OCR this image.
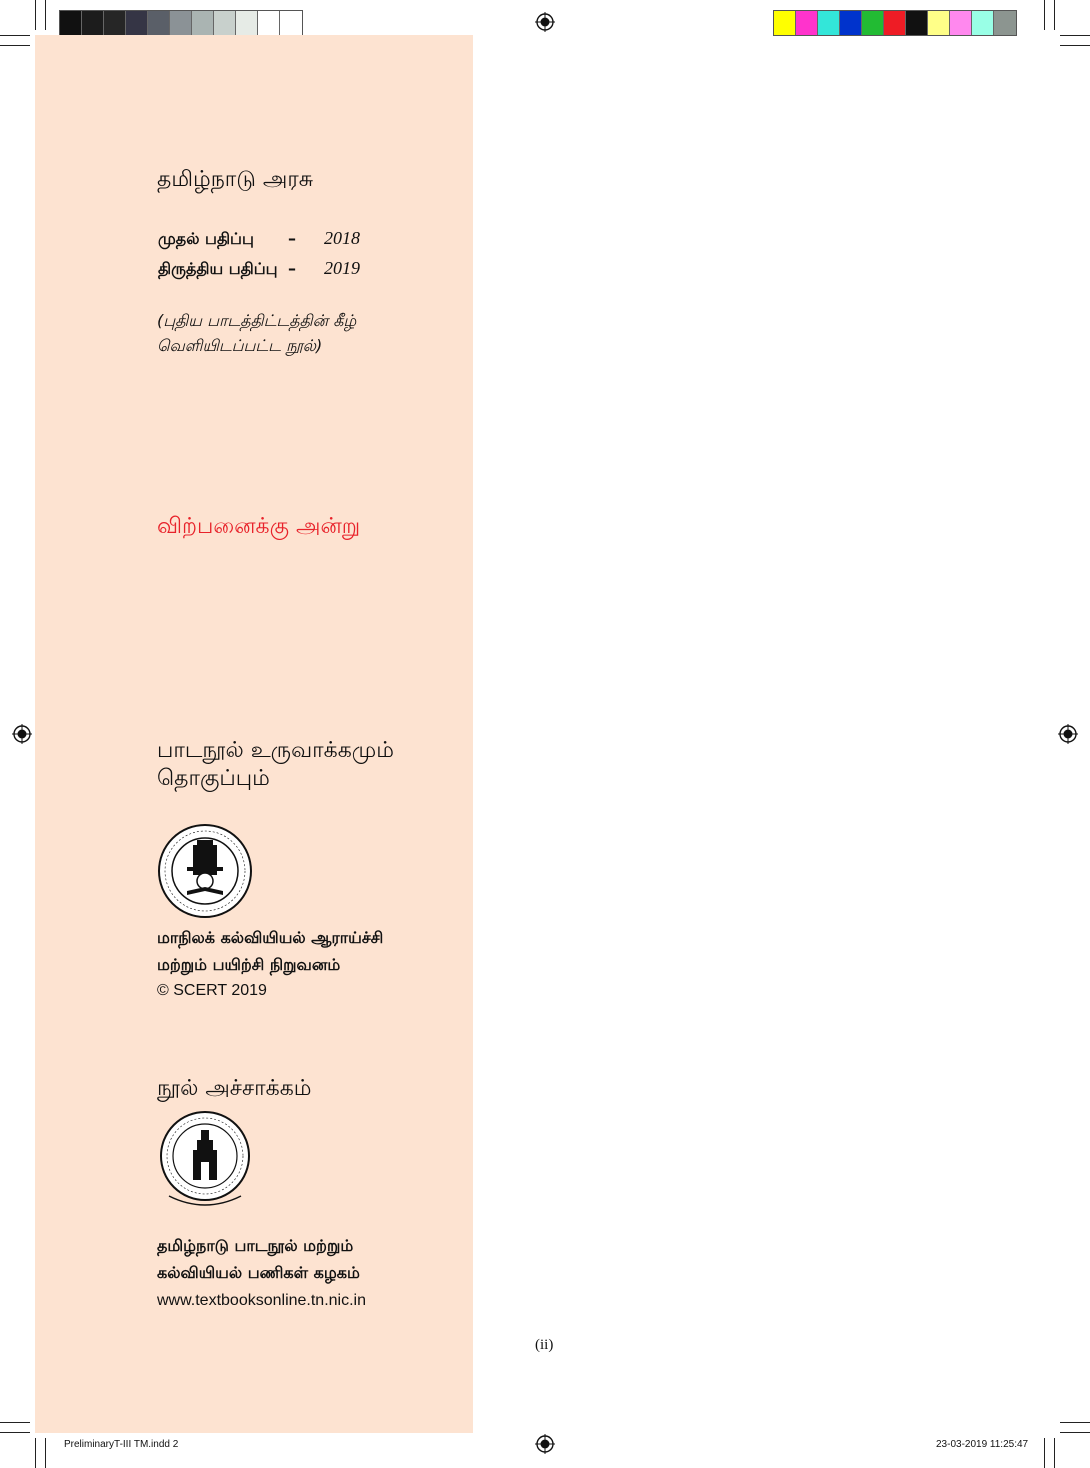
தமிழ்நாடு அரசு
முதல் பதிப்பு	–	2018
திருத்திய பதிப்பு –	2019
(புதிய பாடத்திட்டத்தின் கீழ்
வெளியிடப்பட்ட நூல்)
விற்பனைக்கு அன்று
பாடநூல் உருவாக்கமும்
தொகுப்பும்
மாநிலக் கல்வியியல் ஆராய்ச்சி
மற்றும் பயிற்சி நிறுவனம்
© SCERT 2019
நூல் அச்சாக்கம்
தமிழ்நாடு பாடநூல் மற்றும்
கல்வியியல் பணிகள் கழகம்
www.textbooksonline.tn.nic.in
(ii)
PreliminaryT-III TM.indd 2	23-03-2019 11:25:47
